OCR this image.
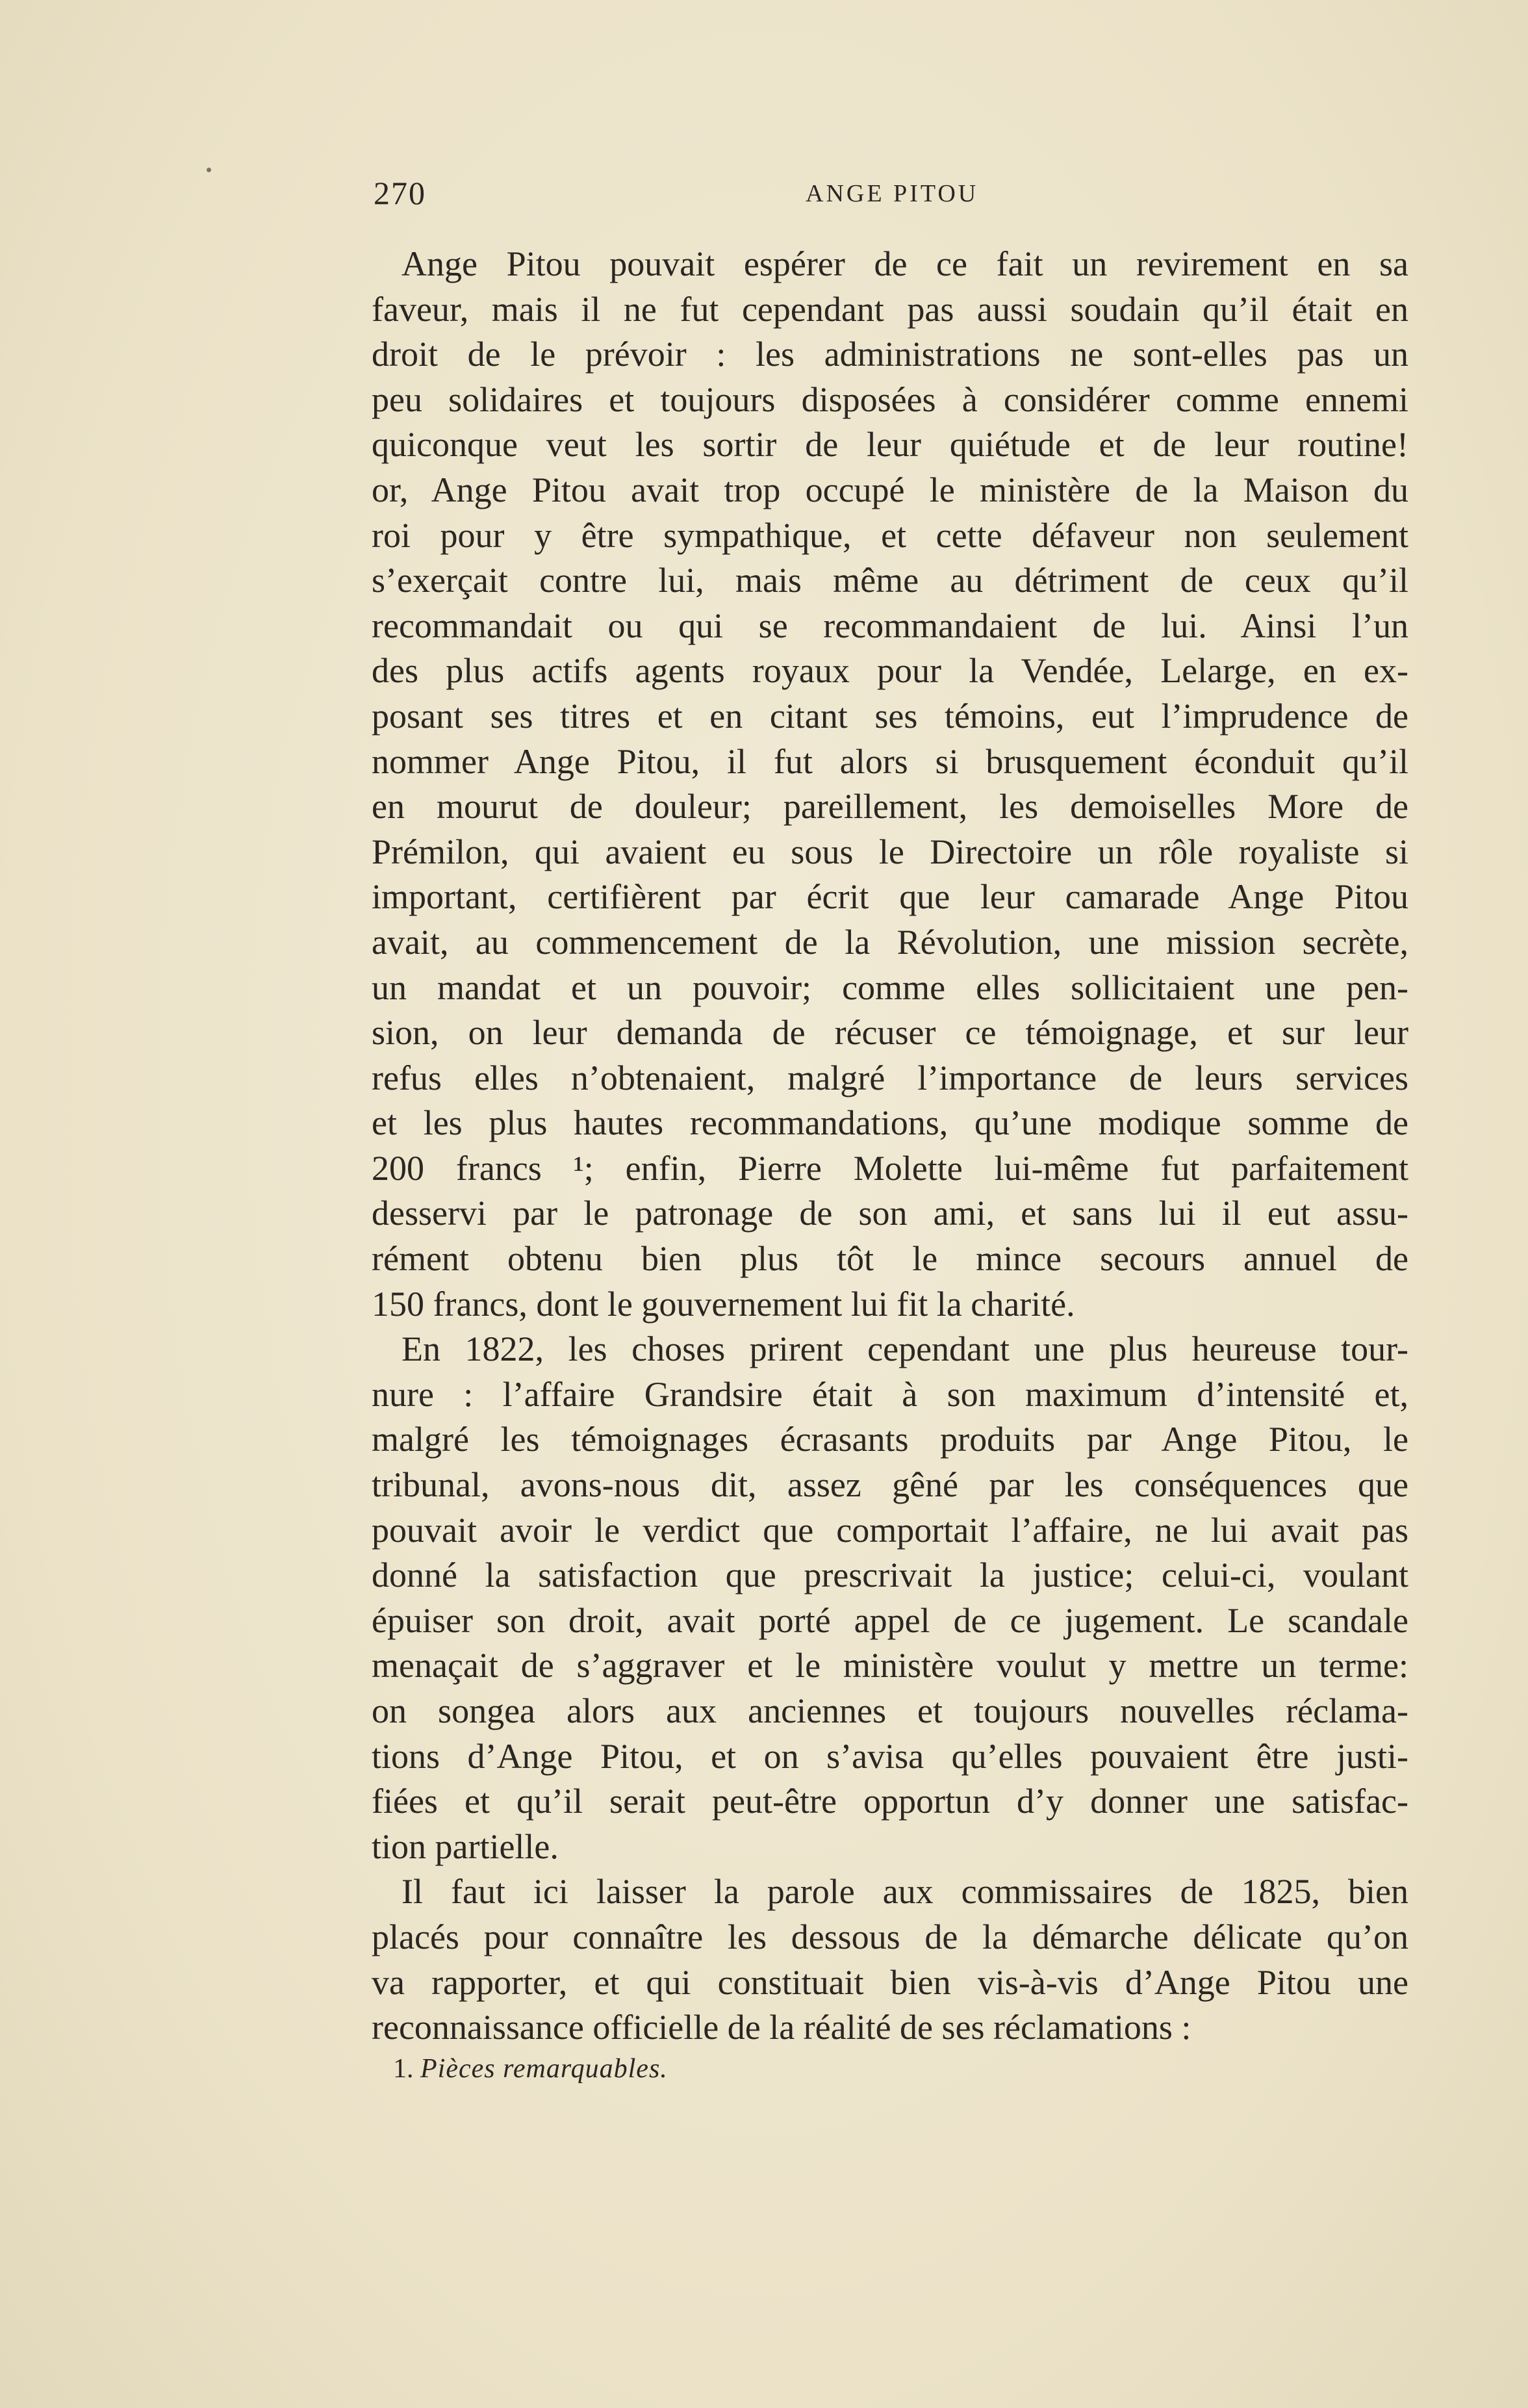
270	ANGE PITOU
Ange Pitou pouvait espérer de ce fait un revirement en sa
faveur, mais il ne fut cependant pas aussi soudain qu’il était en
droit de le prévoir : les administrations ne sont-elles pas un
peu solidaires et toujours disposées à considérer comme ennemi
quiconque veut les sortir de leur quiétude et de leur routine!
or, Ange Pitou avait trop occupé le ministère de la Maison du
roi pour y être sympathique, et cette défaveur non seulement
s’exerçait contre lui, mais même au détriment de ceux qu’il
recommandait ou qui se recommandaient de lui. Ainsi l’un
des plus actifs agents royaux pour la Vendée, Lelarge, en ex-
posant ses titres et en citant ses témoins, eut l’imprudence de
nommer Ange Pitou, il fut alors si brusquement éconduit qu’il
en mourut de douleur; pareillement, les demoiselles More de
Prémilon, qui avaient eu sous le Directoire un rôle royaliste si
important, certifièrent par écrit que leur camarade Ange Pitou
avait, au commencement de la Révolution, une mission secrète,
un mandat et un pouvoir; comme elles sollicitaient une pen-
sion, on leur demanda de récuser ce témoignage, et sur leur
refus elles n’obtenaient, malgré l’importance de leurs services
et les plus hautes recommandations, qu’une modique somme de
200 francs ¹; enfin, Pierre Molette lui-même fut parfaitement
desservi par le patronage de son ami, et sans lui il eut assu-
rément obtenu bien plus tôt le mince secours annuel de
150 francs, dont le gouvernement lui fit la charité.
En 1822, les choses prirent cependant une plus heureuse tour-
nure : l’affaire Grandsire était à son maximum d’intensité et,
malgré les témoignages écrasants produits par Ange Pitou, le
tribunal, avons-nous dit, assez gêné par les conséquences que
pouvait avoir le verdict que comportait l’affaire, ne lui avait pas
donné la satisfaction que prescrivait la justice; celui-ci, voulant
épuiser son droit, avait porté appel de ce jugement. Le scandale
menaçait de s’aggraver et le ministère voulut y mettre un terme:
on songea alors aux anciennes et toujours nouvelles réclama-
tions d’Ange Pitou, et on s’avisa qu’elles pouvaient être justi-
fiées et qu’il serait peut-être opportun d’y donner une satisfac-
tion partielle.
Il faut ici laisser la parole aux commissaires de 1825, bien
placés pour connaître les dessous de la démarche délicate qu’on
va rapporter, et qui constituait bien vis-à-vis d’Ange Pitou une
reconnaissance officielle de la réalité de ses réclamations :
1. Pièces remarquables.
